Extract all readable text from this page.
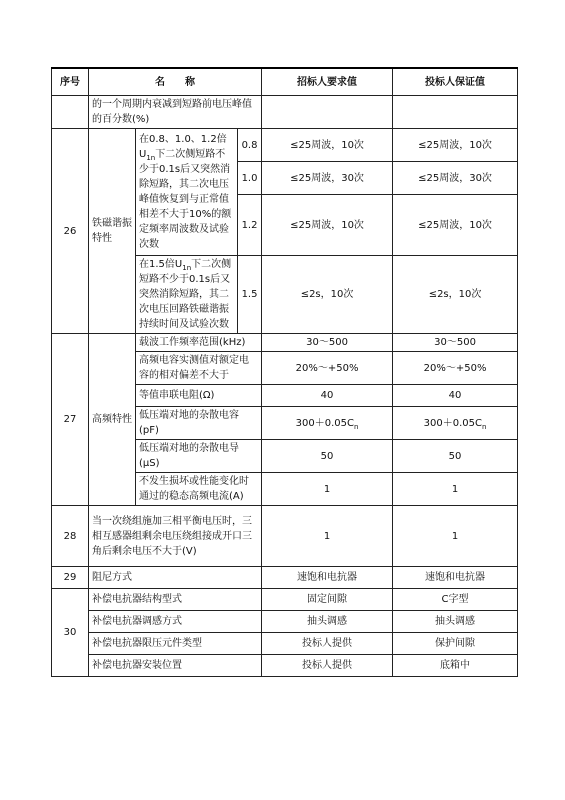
序号	名　　称			招标人要求值	投标人保证值
	的一个周期内衰减到短路前电压峰值的百分数(%)				
26	铁磁谐振特性	在0.8、1.0、1.2倍$U_{1n}$下二次侧短路不少于0.1s后又突然消除短路，其二次电压峰值恢复到与正常值相差不大于10%的额定频率周波数及试验次数	0.8	≤25周波，10次	≤25周波，10次
			1.0	≤25周波，30次	≤25周波，30次
			1.2	≤25周波，10次	≤25周波，10次
		在1.5倍$U_{1n}$下二次侧短路不少于0.1s后又突然消除短路，其二次电压回路铁磁谐振持续时间及试验次数	1.5	≤2s，10次	≤2s，10次
27	高频特性	载波工作频率范围(kHz)		30～500	30～500
		高频电容实测值对额定电容的相对偏差不大于		20%～+50%	20%～+50%
		等值串联电阻(Ω)		40	40
		低压端对地的杂散电容(pF)		$300+0.05C_n$	$300+0.05C_n$
		低压端对地的杂散电导(μS)		50	50
		不发生损坏或性能变化时通过的稳态高频电流(A)		1	1
28	当一次绕组施加三相平衡电压时，三相互感器组剩余电压绕组接成开口三角后剩余电压不大于(V)			1	1
29	阻尼方式			速饱和电抗器	速饱和电抗器
30	补偿电抗器结构型式			固定间隙	C字型
	补偿电抗器调感方式			抽头调感	抽头调感
	补偿电抗器限压元件类型			投标人提供	保护间隙
	补偿电抗器安装位置			投标人提供	底箱中
